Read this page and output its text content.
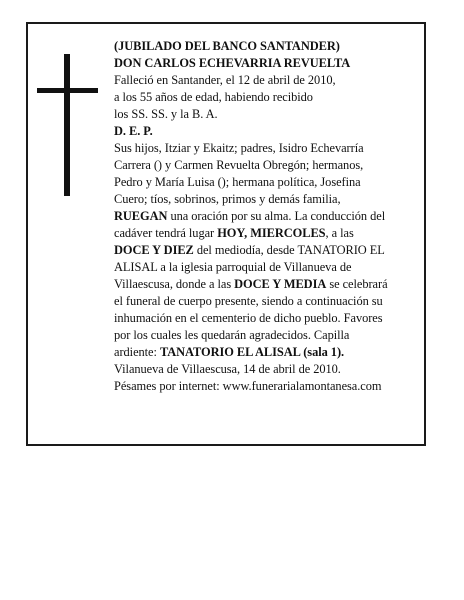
(JUBILADO DEL BANCO SANTANDER)
DON CARLOS ECHEVARRIA REVUELTA
Falleció en Santander, el 12 de abril de 2010,
a los 55 años de edad, habiendo recibido
los SS. SS. y la B. A.
D. E. P.
Sus hijos, Itziar y Ekaitz; padres, Isidro Echevarría
Carrera () y Carmen Revuelta Obregón; hermanos,
Pedro y María Luisa (); hermana política, Josefina
Cuero; tíos, sobrinos, primos y demás familia,
RUEGAN una oración por su alma. La conducción del
cadáver tendrá lugar HOY, MIERCOLES, a las
DOCE Y DIEZ del mediodía, desde TANATORIO EL
ALISAL a la iglesia parroquial de Villanueva de
Villaescusa, donde a las DOCE Y MEDIA se celebrará
el funeral de cuerpo presente, siendo a continuación su
inhumación en el cementerio de dicho pueblo. Favores
por los cuales les quedarán agradecidos. Capilla
ardiente: TANATORIO EL ALISAL (sala 1).
Vilanueva de Villaescusa, 14 de abril de 2010.
Pésames por internet: www.funerarialamontanesa.com
